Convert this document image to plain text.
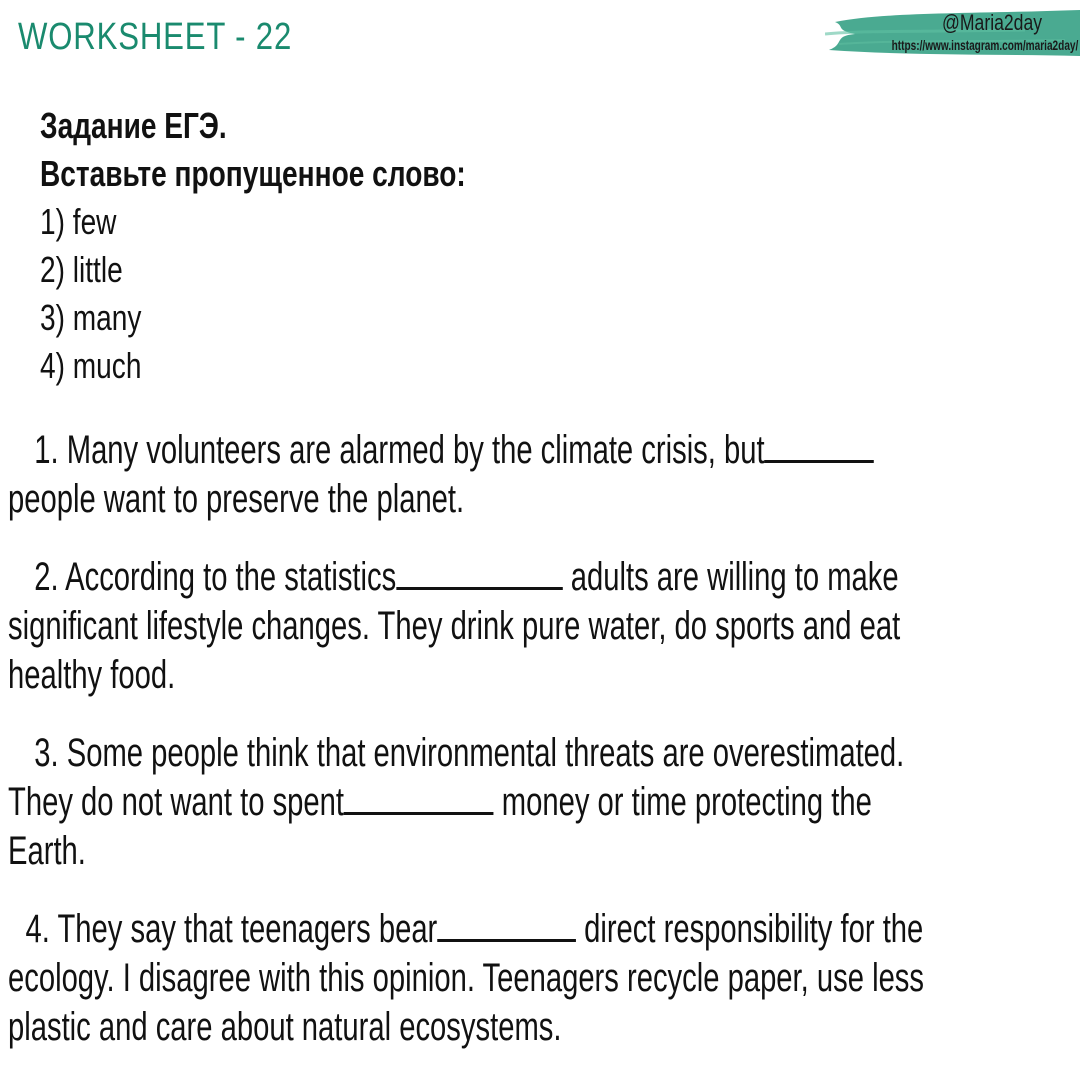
WORKSHEET - 22	@Maria2day
https://www.instagram.com/maria2day/
Задание ЕГЭ.
Вставьте пропущенное слово:
1) few
2) little
3) many
4) much
1. Many volunteers are alarmed by the climate crisis, but
people want to preserve the planet.
2. According to the statistics	adults are willing to make
significant lifestyle changes. They drink pure water, do sports and eat
healthy food.
3. Some people think that environmental threats are overestimated.
They do not want to spent	money or time protecting the
Earth.
4. They say that teenagers bear	direct responsibility for the
ecology. I disagree with this opinion. Teenagers recycle paper, use less
plastic and care about natural ecosystems.
